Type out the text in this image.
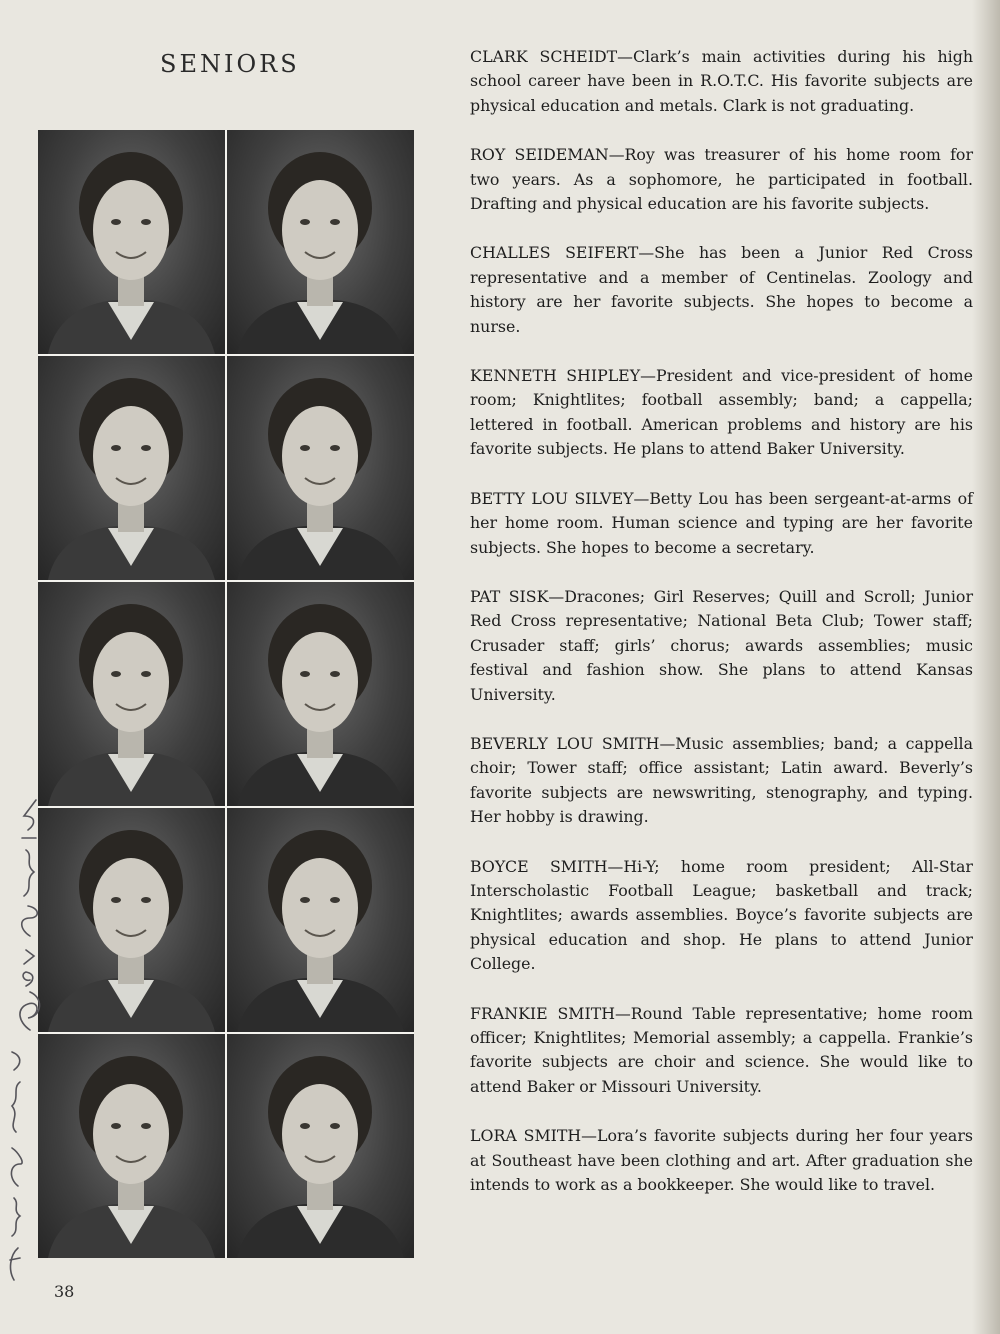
SENIORS	CLARK SCHEIDT—Clark’s main activities during his high school career have been in R.O.T.C. His favorite subjects are physical education and metals. Clark is not graduating.

ROY SEIDEMAN—Roy was treasurer of his home room for two years. As a sophomore, he participated in football. Drafting and physical education are his favorite subjects.

CHALLES SEIFERT—She has been a Junior Red Cross representative and a member of Centinelas. Zoology and history are her favorite subjects. She hopes to become a nurse.

KENNETH SHIPLEY—President and vice-president of home room; Knightlites; football assembly; band; a cappella; lettered in football. American problems and history are his favorite subjects. He plans to attend Baker University.

BETTY LOU SILVEY—Betty Lou has been sergeant-at-arms of her home room. Human science and typing are her favorite subjects. She hopes to become a secretary.

PAT SISK—Dracones; Girl Reserves; Quill and Scroll; Junior Red Cross representative; National Beta Club; Tower staff; Crusader staff; girls’ chorus; awards assemblies; music festival and fashion show. She plans to attend Kansas University.

BEVERLY LOU SMITH—Music assemblies; band; a cappella choir; Tower staff; office assistant; Latin award. Beverly’s favorite subjects are newswriting, stenography, and typing. Her hobby is drawing.

BOYCE SMITH—Hi-Y; home room president; All-Star Interscholastic Football League; basketball and track; Knightlites; awards assemblies. Boyce’s favorite subjects are physical education and shop. He plans to attend Junior College.

FRANKIE SMITH—Round Table representative; home room officer; Knightlites; Memorial assembly; a cappella. Frankie’s favorite subjects are choir and science. She would like to attend Baker or Missouri University.

LORA SMITH—Lora’s favorite subjects during her four years at Southeast have been clothing and art. After graduation she intends to work as a bookkeeper. She would like to travel.

38
